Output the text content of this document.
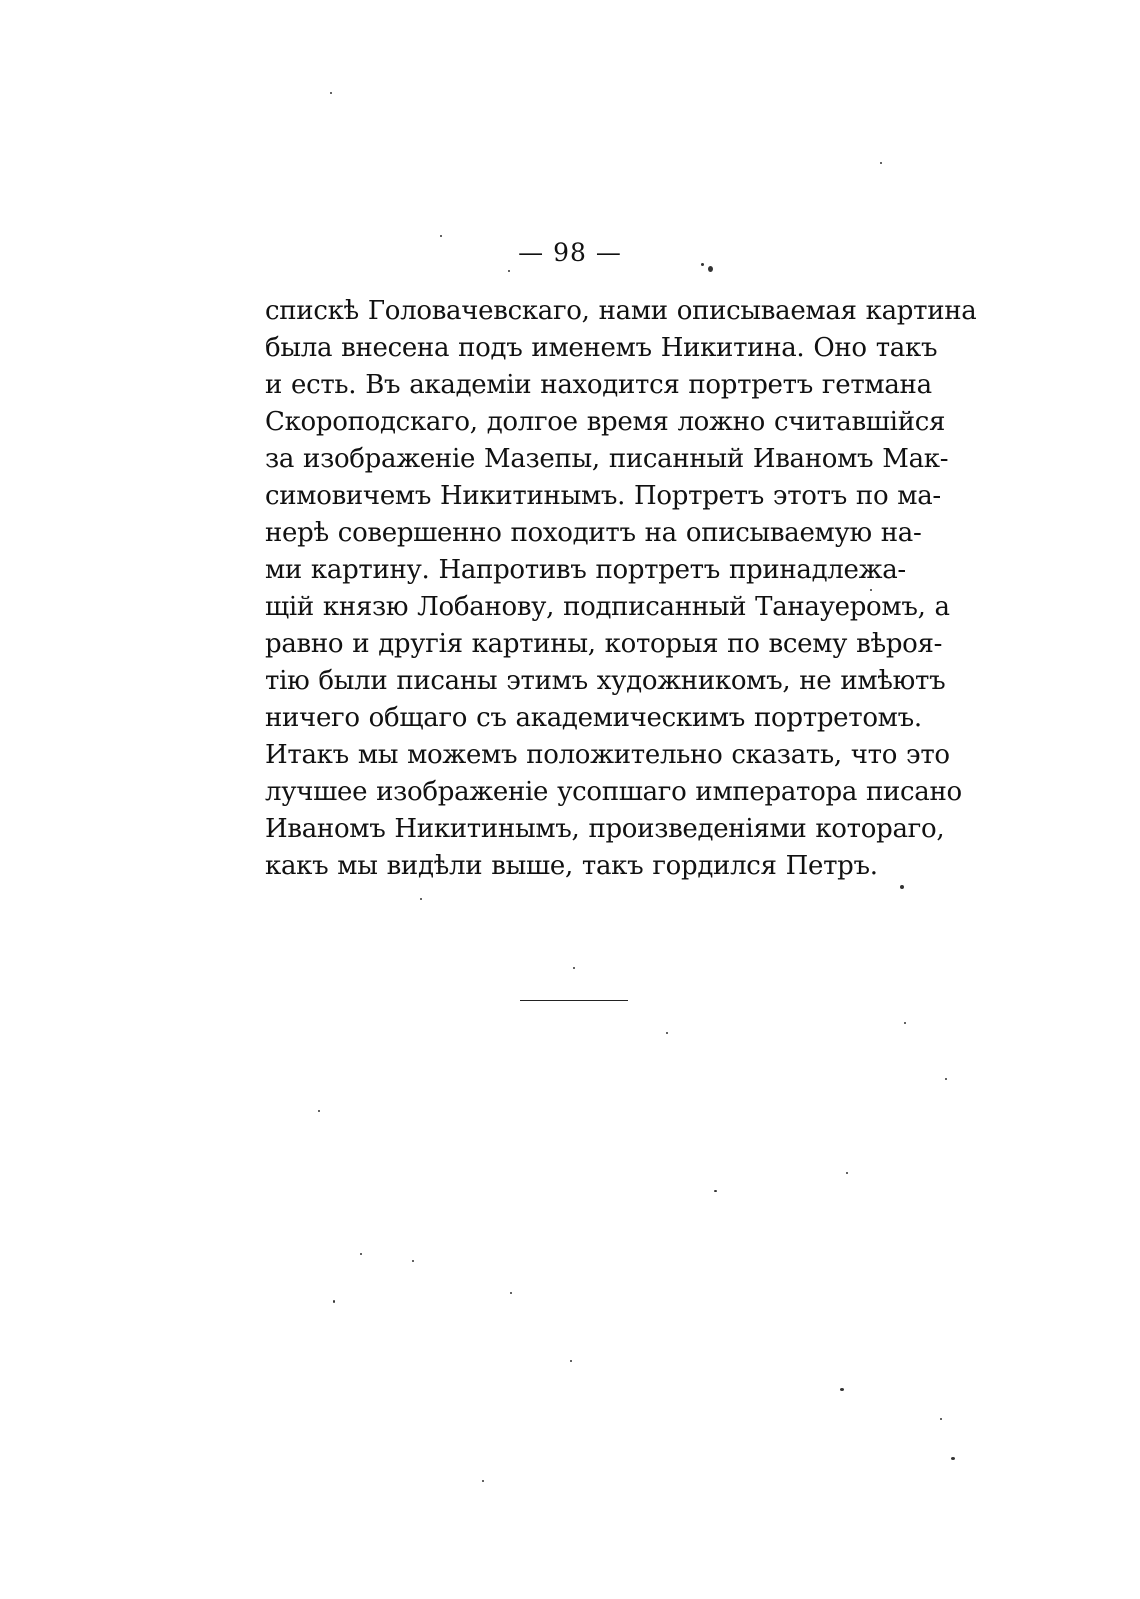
— 98 —
спискѣ Головачевскаго, нами описываемая картина
была внесена подъ именемъ Никитина. Оно такъ
и есть. Въ академіи находится портретъ гетмана
Скороподскаго, долгое время ложно считавшійся
за изображеніе Мазепы, писанный Иваномъ Мак-
симовичемъ Никитинымъ. Портретъ этотъ по ма-
нерѣ совершенно походитъ на описываемую на-
ми картину. Напротивъ портретъ принадлежа-
щій князю Лобанову, подписанный Танауеромъ, а
равно и другія картины, которыя по всему вѣроя-
тію были писаны этимъ художникомъ, не имѣютъ
ничего общаго съ академическимъ портретомъ.
Итакъ мы можемъ положительно сказать, что это
лучшее изображеніе усопшаго императора писано
Иваномъ Никитинымъ, произведеніями котораго,
какъ мы видѣли выше, такъ гордился Петръ.
